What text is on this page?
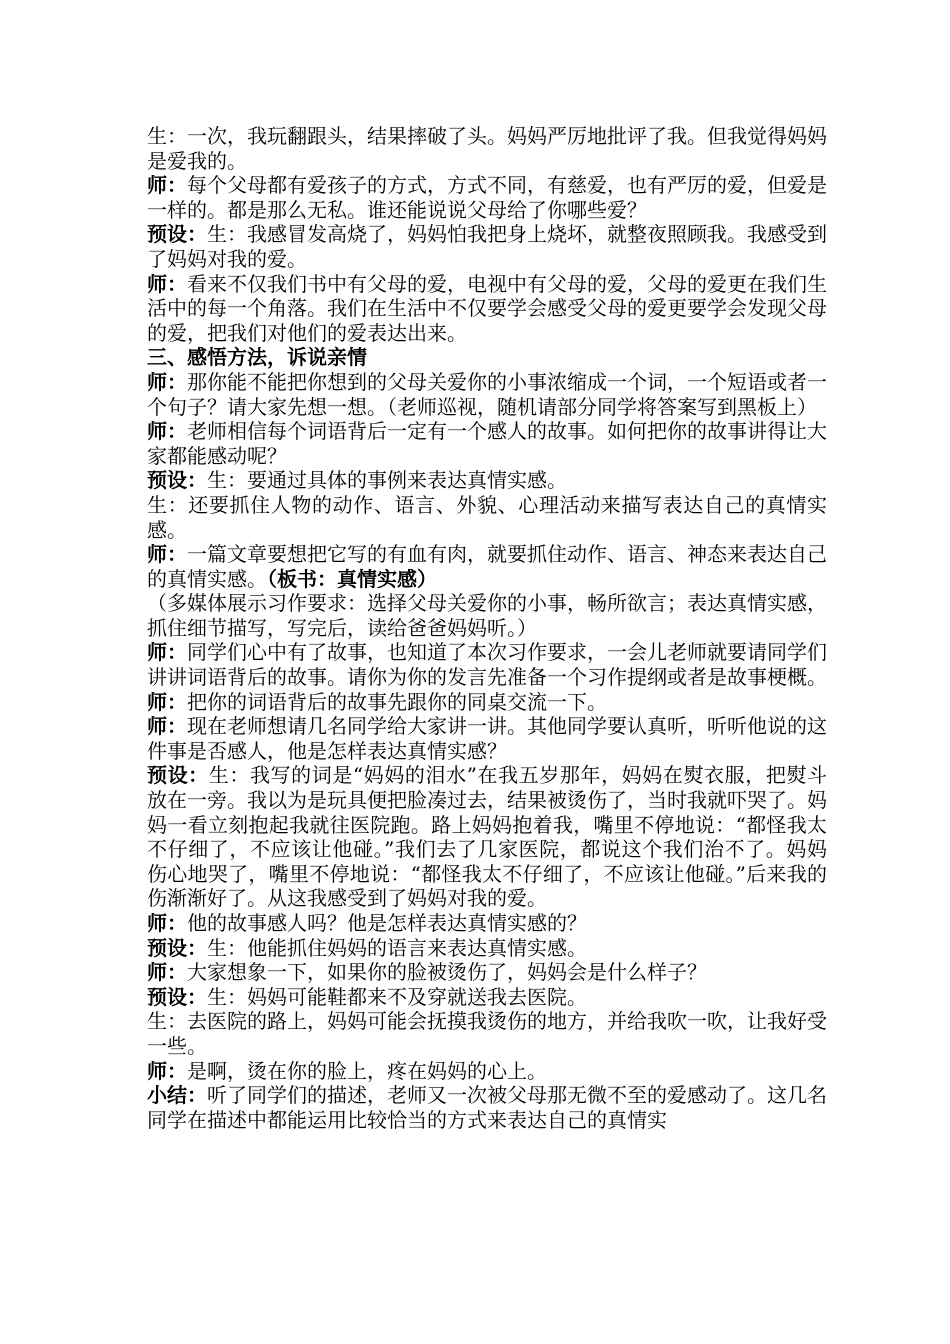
生：一次，我玩翻跟头，结果摔破了头。妈妈严厉地批评了我。但我觉得妈妈是爱我的。

师：每个父母都有爱孩子的方式，方式不同，有慈爱，也有严厉的爱，但爱是一样的。都是那么无私。谁还能说说父母给了你哪些爱？

预设：生：我感冒发高烧了，妈妈怕我把身上烧坏，就整夜照顾我。我感受到了妈妈对我的爱。

师：看来不仅我们书中有父母的爱，电视中有父母的爱，父母的爱更在我们生活中的每一个角落。我们在生活中不仅要学会感受父母的爱更要学会发现父母的爱，把我们对他们的爱表达出来。

三、感悟方法，诉说亲情

师：那你能不能把你想到的父母关爱你的小事浓缩成一个词，一个短语或者一个句子？请大家先想一想。（老师巡视，随机请部分同学将答案写到黑板上）

师：老师相信每个词语背后一定有一个感人的故事。如何把你的故事讲得让大家都能感动呢？

预设：生：要通过具体的事例来表达真情实感。

生：还要抓住人物的动作、语言、外貌、心理活动来描写表达自己的真情实感。

师：一篇文章要想把它写的有血有肉，就要抓住动作、语言、神态来表达自己的真情实感。（板书：真情实感）

（多媒体展示习作要求：选择父母关爱你的小事，畅所欲言；表达真情实感，抓住细节描写，写完后，读给爸爸妈妈听。）

师：同学们心中有了故事，也知道了本次习作要求，一会儿老师就要请同学们讲讲词语背后的故事。请你为你的发言先准备一个习作提纲或者是故事梗概。

师：把你的词语背后的故事先跟你的同桌交流一下。

师：现在老师想请几名同学给大家讲一讲。其他同学要认真听，听听他说的这件事是否感人，他是怎样表达真情实感？

预设：生：我写的词是“妈妈的泪水”在我五岁那年，妈妈在熨衣服，把熨斗放在一旁。我以为是玩具便把脸凑过去，结果被烫伤了，当时我就吓哭了。妈妈一看立刻抱起我就往医院跑。路上妈妈抱着我，嘴里不停地说：“都怪我太不仔细了，不应该让他碰。”我们去了几家医院，都说这个我们治不了。妈妈伤心地哭了，嘴里不停地说：“都怪我太不仔细了，不应该让他碰。”后来我的伤渐渐好了。从这我感受到了妈妈对我的爱。

师：他的故事感人吗？他是怎样表达真情实感的？

预设：生：他能抓住妈妈的语言来表达真情实感。

师：大家想象一下，如果你的脸被烫伤了，妈妈会是什么样子？

预设：生：妈妈可能鞋都来不及穿就送我去医院。

生：去医院的路上，妈妈可能会抚摸我烫伤的地方，并给我吹一吹，让我好受一些。

师：是啊，烫在你的脸上，疼在妈妈的心上。

小结：听了同学们的描述，老师又一次被父母那无微不至的爱感动了。这几名同学在描述中都能运用比较恰当的方式来表达自己的真情实
